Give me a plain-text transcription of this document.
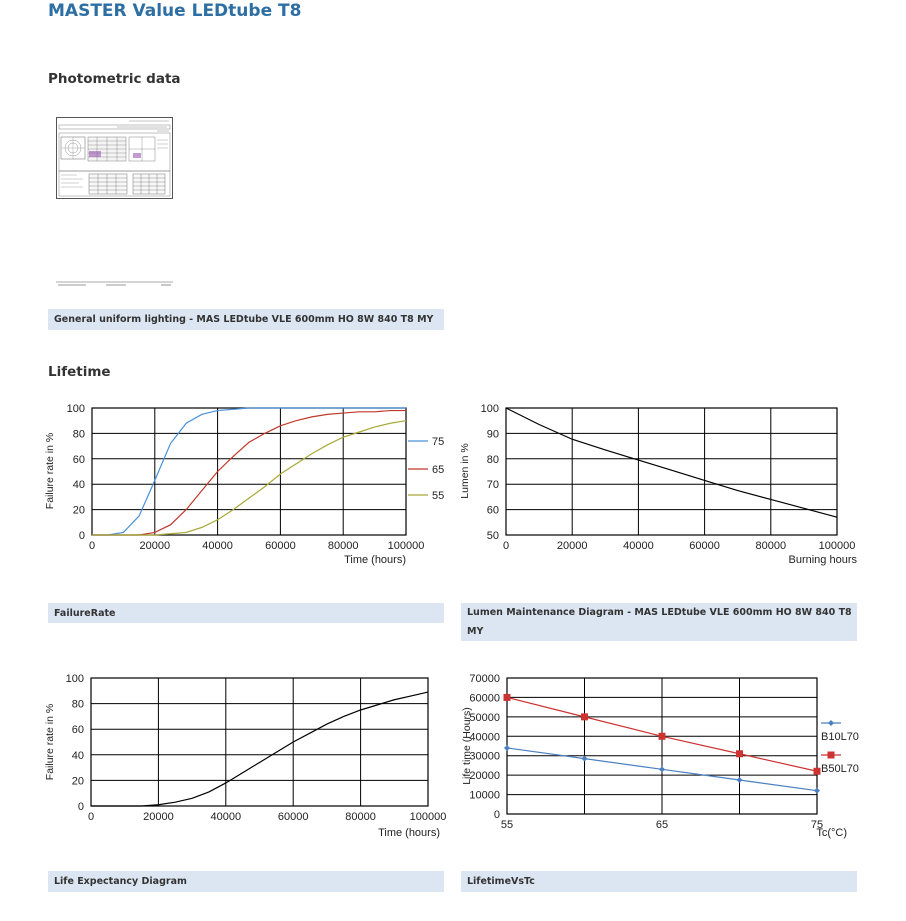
MASTER Value LEDtube T8
Photometric data
General uniform lighting - MAS LEDtube VLE 600mm HO 8W 840 T8 MY
Lifetime
0
20
40
60
80
100
0	20000	40000	60000	80000	100000
Time (hours)
Failure rate in %	75
65
55
50
60
70
80
90
100
0	20000	40000	60000	80000	100000
Burning hours
Lumen in %
0
20
40
60
80
100
0	20000	40000	60000	80000	100000
Time (hours)
Failure rate in %
0
10000
20000
30000
40000
50000
60000
70000
55	65	75
Tc(°C)
Life time (Hours)	B10L70
B50L70
FailureRate	Lumen Maintenance Diagram - MAS LEDtube VLE 600mm HO 8W 840 T8
MY
Life Expectancy Diagram	LifetimeVsTc
